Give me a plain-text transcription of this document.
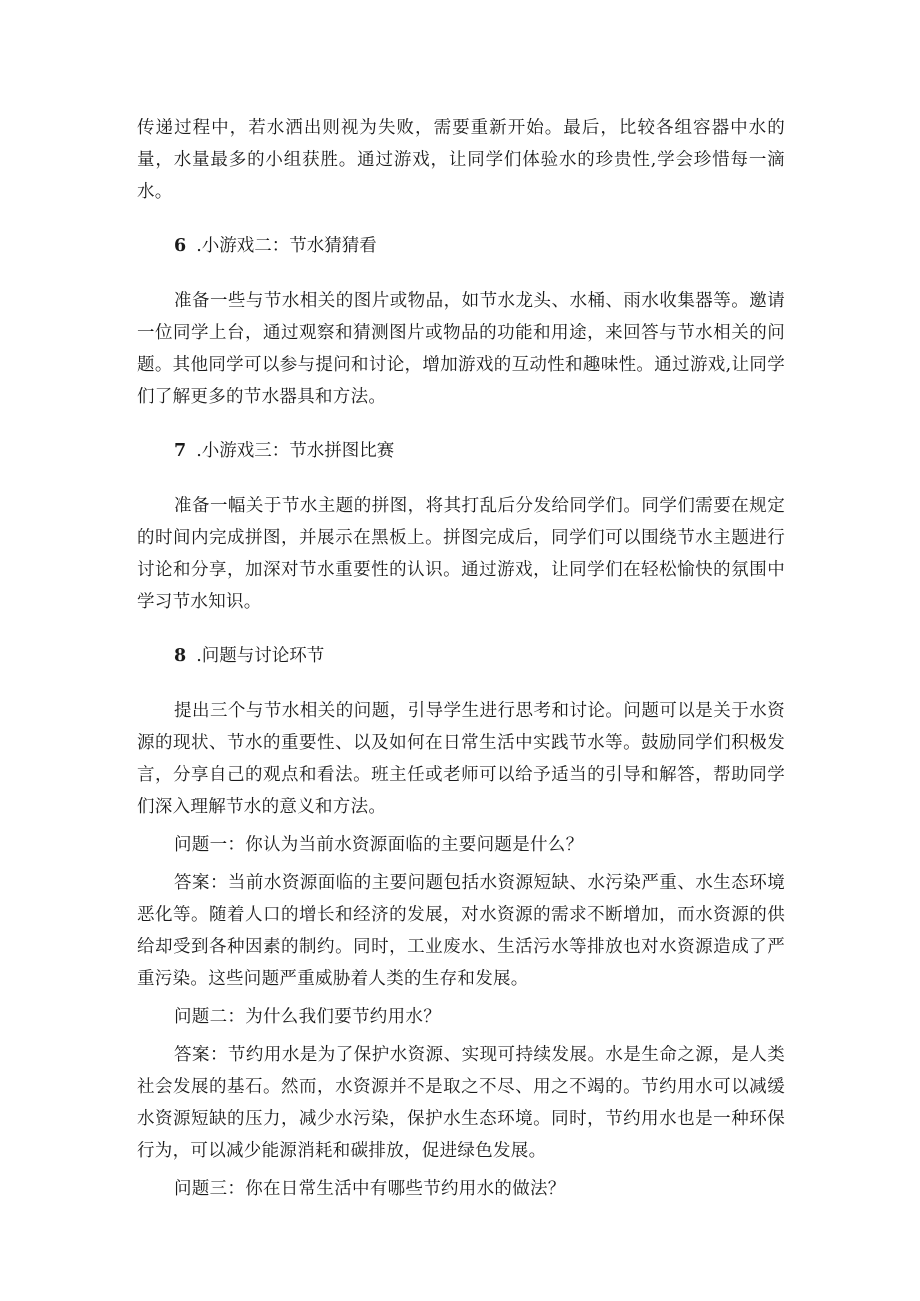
传递过程中，若水洒出则视为失败，需要重新开始。最后，比较各组容器中水的量，水量最多的小组获胜。通过游戏，让同学们体验水的珍贵性,学会珍惜每一滴水。

6 .小游戏二：节水猜猜看

准备一些与节水相关的图片或物品，如节水龙头、水桶、雨水收集器等。邀请一位同学上台，通过观察和猜测图片或物品的功能和用途，来回答与节水相关的问题。其他同学可以参与提问和讨论，增加游戏的互动性和趣味性。通过游戏,让同学们了解更多的节水器具和方法。

7 .小游戏三：节水拼图比赛

准备一幅关于节水主题的拼图，将其打乱后分发给同学们。同学们需要在规定的时间内完成拼图，并展示在黑板上。拼图完成后，同学们可以围绕节水主题进行讨论和分享，加深对节水重要性的认识。通过游戏，让同学们在轻松愉快的氛围中学习节水知识。

8 .问题与讨论环节

提出三个与节水相关的问题，引导学生进行思考和讨论。问题可以是关于水资源的现状、节水的重要性、以及如何在日常生活中实践节水等。鼓励同学们积极发言，分享自己的观点和看法。班主任或老师可以给予适当的引导和解答，帮助同学们深入理解节水的意义和方法。

问题一：你认为当前水资源面临的主要问题是什么？

答案：当前水资源面临的主要问题包括水资源短缺、水污染严重、水生态环境恶化等。随着人口的增长和经济的发展，对水资源的需求不断增加，而水资源的供给却受到各种因素的制约。同时，工业废水、生活污水等排放也对水资源造成了严重污染。这些问题严重威胁着人类的生存和发展。

问题二：为什么我们要节约用水？

答案：节约用水是为了保护水资源、实现可持续发展。水是生命之源，是人类社会发展的基石。然而，水资源并不是取之不尽、用之不竭的。节约用水可以减缓水资源短缺的压力，减少水污染，保护水生态环境。同时，节约用水也是一种环保行为，可以减少能源消耗和碳排放，促进绿色发展。

问题三：你在日常生活中有哪些节约用水的做法？
